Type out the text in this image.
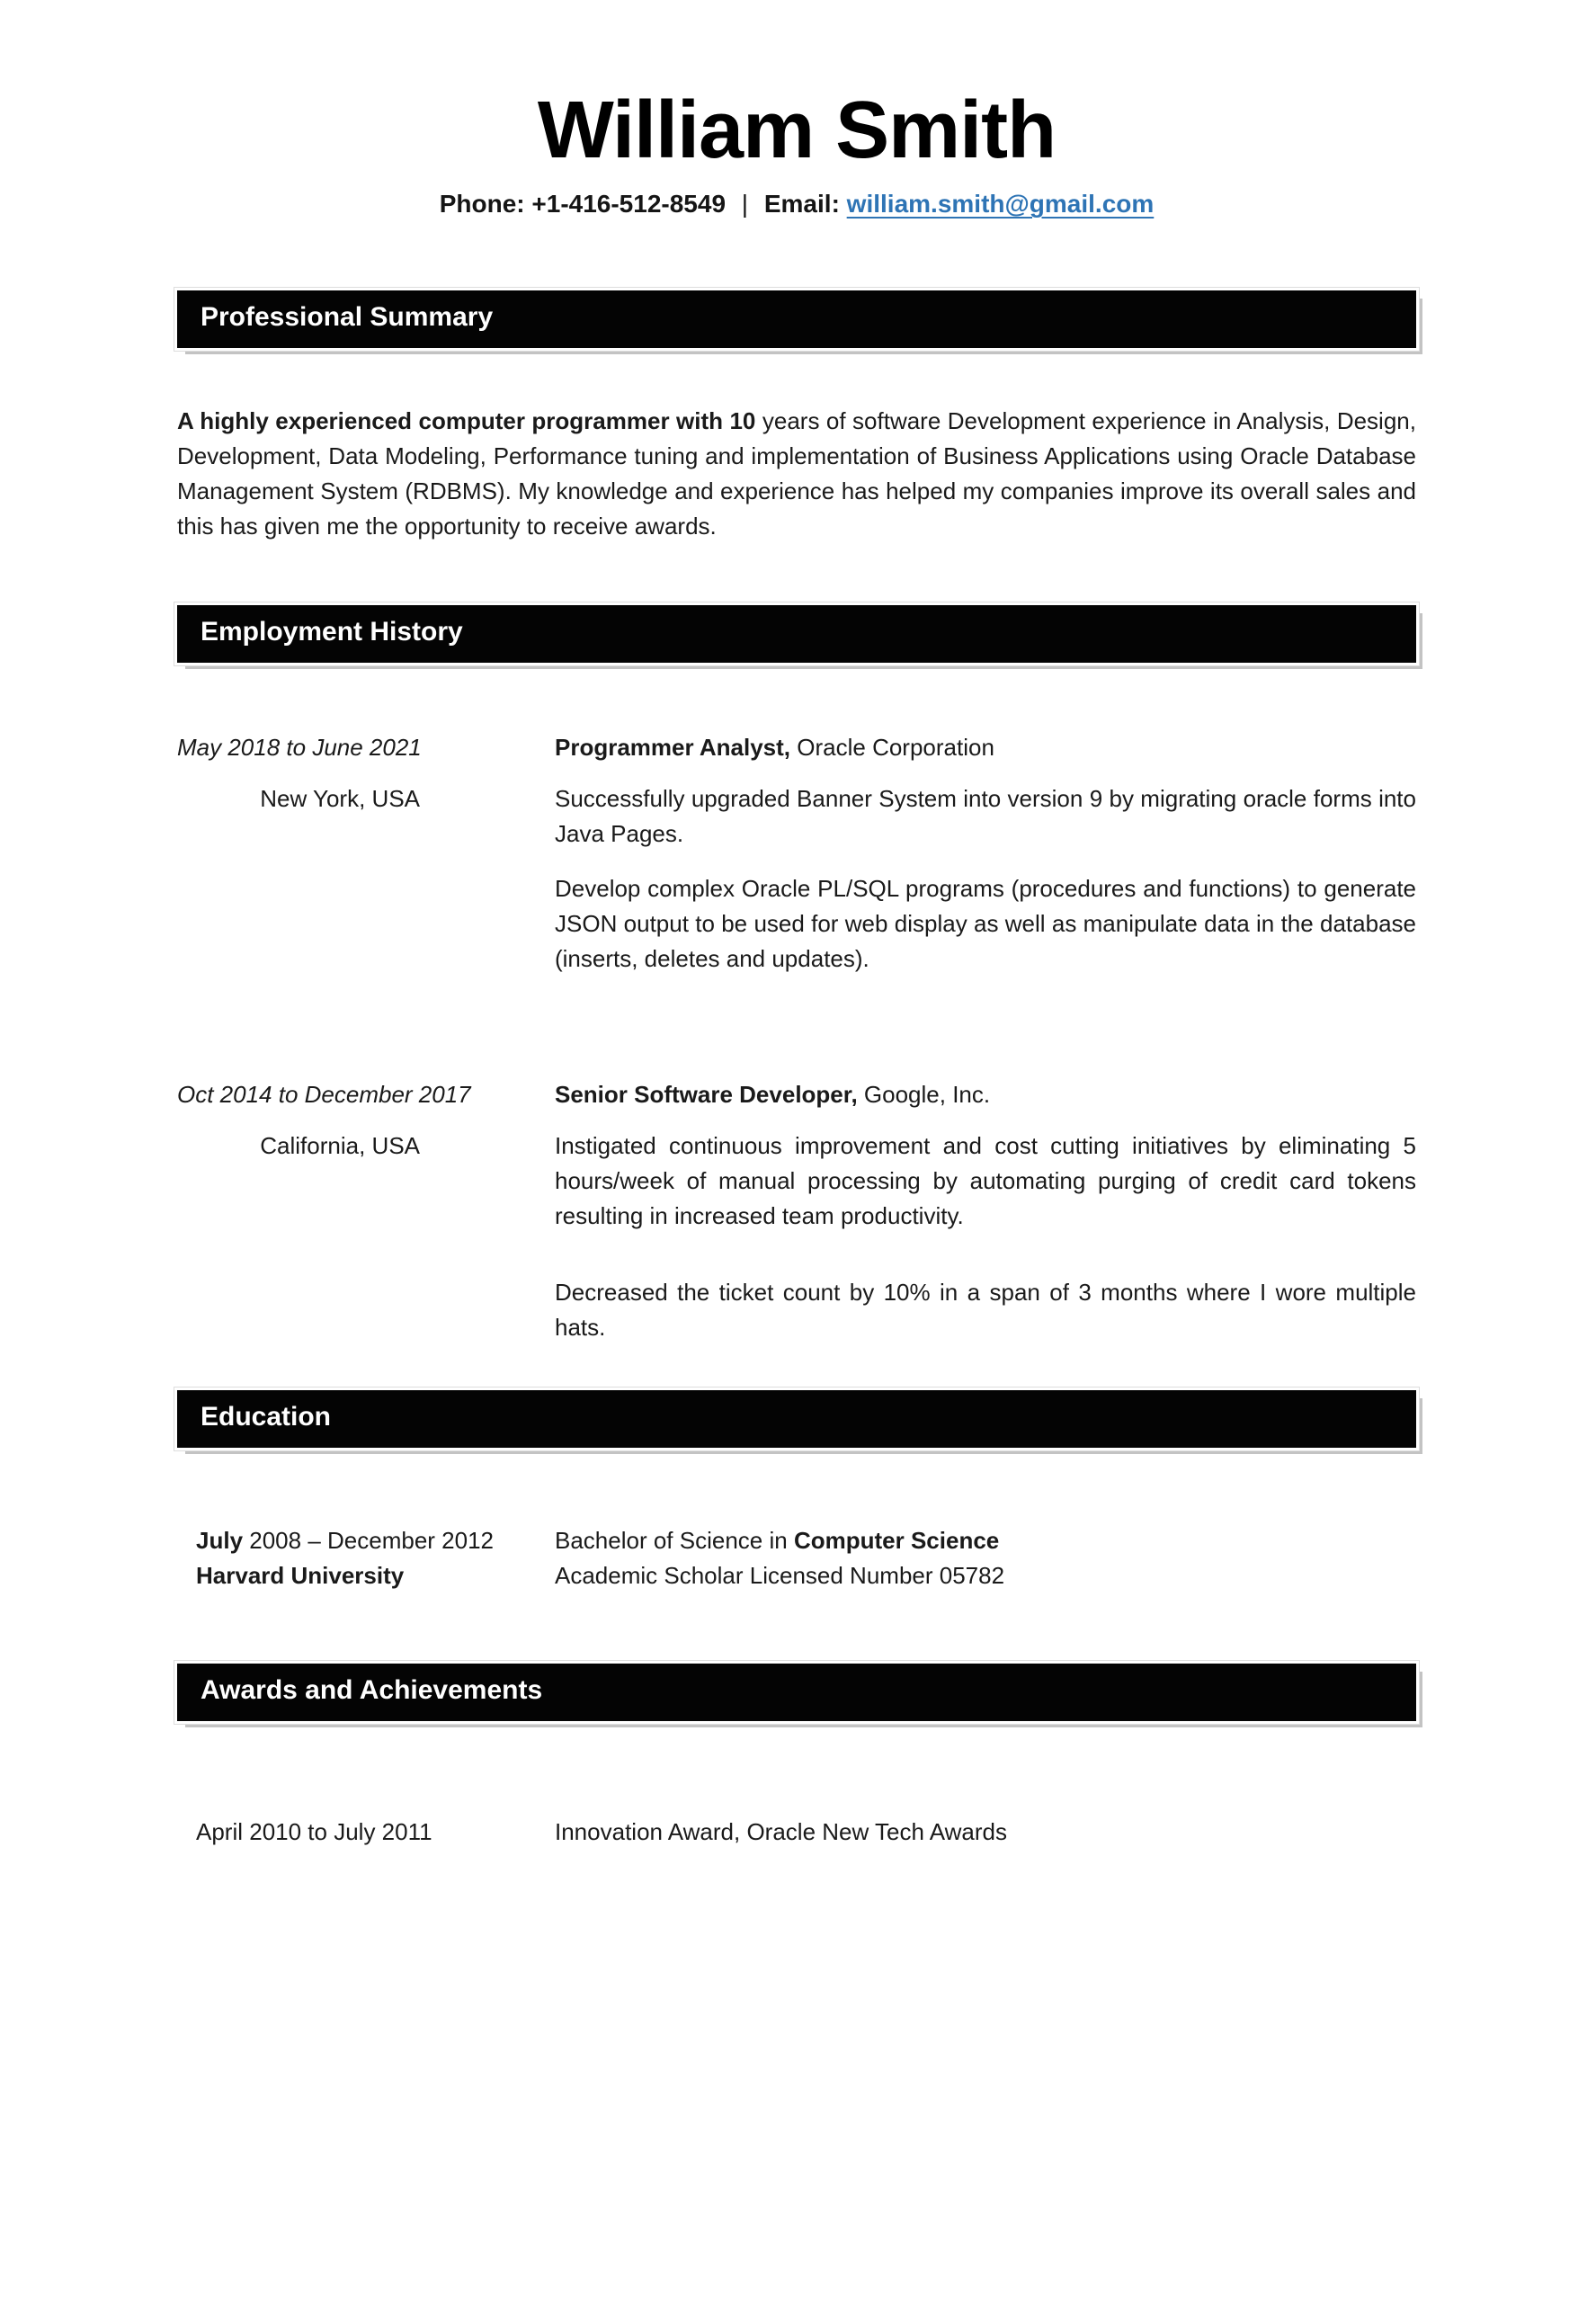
William Smith
Phone: +1-416-512-8549 | Email: william.smith@gmail.com
Professional Summary

A highly experienced computer programmer with 10 years of software Development experience in Analysis, Design, Development, Data Modeling, Performance tuning and implementation of Business Applications using Oracle Database Management System (RDBMS). My knowledge and experience has helped my companies improve its overall sales and this has given me the opportunity to receive awards.

Employment History
May 2018 to June 2021
New York, USA
Programmer Analyst, Oracle Corporation

Successfully upgraded Banner System into version 9 by migrating oracle forms into Java Pages.

Develop complex Oracle PL/SQL programs (procedures and functions) to generate JSON output to be used for web display as well as manipulate data in the database (inserts, deletes and updates).

Oct 2014 to December 2017
California, USA
Senior Software Developer, Google, Inc.

Instigated continuous improvement and cost cutting initiatives by eliminating 5 hours/week of manual processing by automating purging of credit card tokens resulting in increased team productivity.

Decreased the ticket count by 10% in a span of 3 months where I wore multiple hats.

Education
July 2008 – December 2012
Harvard University
Bachelor of Science in Computer Science
Academic Scholar Licensed Number 05782
Awards and Achievements
April 2010 to July 2011	Innovation Award, Oracle New Tech Awards
